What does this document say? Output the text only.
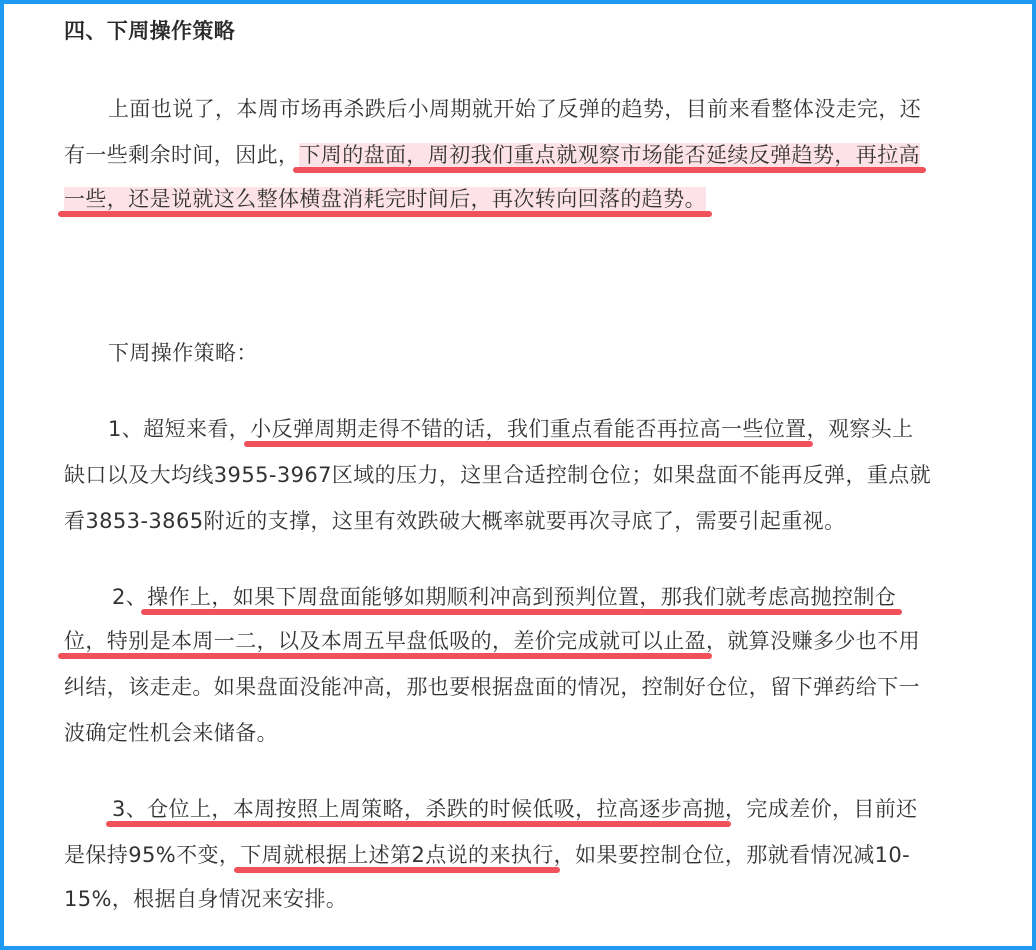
四、下周操作策略
上面也说了，本周市场再杀跌后小周期就开始了反弹的趋势，目前来看整体没走完，还
有一些剩余时间，因此，下周的盘面，周初我们重点就观察市场能否延续反弹趋势，再拉高
一些，还是说就这么整体横盘消耗完时间后，再次转向回落的趋势。
下周操作策略：
1、超短来看，小反弹周期走得不错的话，我们重点看能否再拉高一些位置，观察头上
缺口以及大均线3955-3967区域的压力，这里合适控制仓位；如果盘面不能再反弹，重点就
看3853-3865附近的支撑，这里有效跌破大概率就要再次寻底了，需要引起重视。
2、操作上，如果下周盘面能够如期顺利冲高到预判位置，那我们就考虑高抛控制仓
位，特别是本周一二，以及本周五早盘低吸的，差价完成就可以止盈，就算没赚多少也不用
纠结，该走走。如果盘面没能冲高，那也要根据盘面的情况，控制好仓位，留下弹药给下一
波确定性机会来储备。
3、仓位上，本周按照上周策略，杀跌的时候低吸，拉高逐步高抛，完成差价，目前还
是保持95%不变，下周就根据上述第2点说的来执行，如果要控制仓位，那就看情况减10-
15%，根据自身情况来安排。
